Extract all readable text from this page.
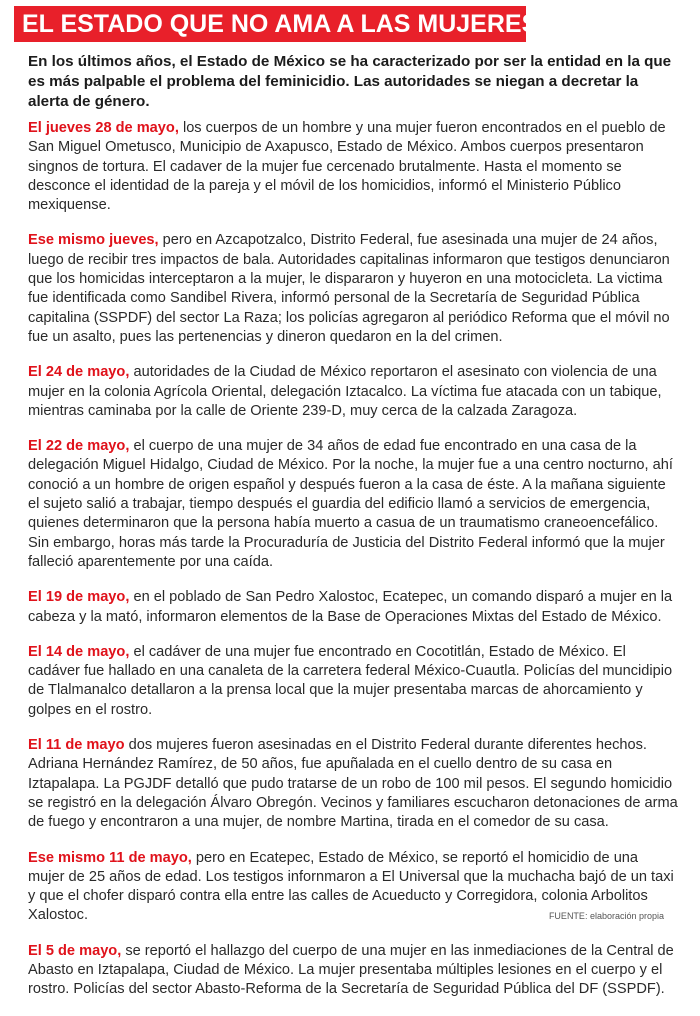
EL ESTADO QUE NO AMA A LAS MUJERES

En los últimos años, el Estado de México se ha caracterizado por ser la entidad en la que es más palpable el problema del feminicidio. Las autoridades se niegan a decretar la alerta de género.

El jueves 28 de mayo, los cuerpos de un hombre y una mujer fueron encontrados en el pueblo de San Miguel Ometusco, Municipio de Axapusco, Estado de México. Ambos cuerpos presentaron singnos de tortura. El cadaver de la mujer fue cercenado brutalmente. Hasta el momento se desconce el identidad de la pareja y el móvil de los homicidios, informó el Ministerio Público mexiquense.

Ese mismo jueves, pero en Azcapotzalco, Distrito Federal, fue asesinada una mujer de 24 años, luego de recibir tres impactos de bala. Autoridades capitalinas informaron que testigos denunciaron que los homicidas interceptaron a la mujer, le dispararon y huyeron en una motocicleta. La victima fue identificada como Sandibel Rivera, informó personal de la Secretaría de Seguridad Pública capitalina (SSPDF) del sector La Raza; los policías agregaron al periódico Reforma que el móvil no fue un asalto, pues las pertenencias y dineron quedaron en la del crimen.

El 24 de mayo, autoridades de la Ciudad de México reportaron el asesinato con violencia de una mujer en la colonia Agrícola Oriental, delegación Iztacalco. La víctima fue atacada con un tabique, mientras caminaba por la calle de Oriente 239-D, muy cerca de la calzada Zaragoza.

El 22 de mayo, el cuerpo de una mujer de 34 años de edad fue encontrado en una casa de la delegación Miguel Hidalgo, Ciudad de México. Por la noche, la mujer fue a una centro nocturno, ahí conoció a un hombre de origen español y después fueron a la casa de éste. A la mañana siguiente el sujeto salió a trabajar, tiempo después el guardia del edificio llamó a servicios de emergencia, quienes determinaron que la persona había muerto a casua de un traumatismo craneoencefálico. Sin embargo, horas más tarde la Procuraduría de Justicia del Distrito Federal informó que la mujer falleció aparentemente por una caída.

El 19 de mayo, en el poblado de San Pedro Xalostoc, Ecatepec, un comando disparó a mujer en la cabeza y la mató, informaron elementos de la Base de Operaciones Mixtas del Estado de México.

El 14 de mayo, el cadáver de una mujer fue encontrado en Cocotitlán, Estado de México. El cadáver fue hallado en una canaleta de la carretera federal México-Cuautla. Policías del muncidipio de Tlalmanalco detallaron a la prensa local que la mujer presentaba marcas de ahorcamiento y golpes en el rostro.

El 11 de mayo dos mujeres fueron asesinadas en el Distrito Federal durante diferentes hechos. Adriana Hernández Ramírez, de 50 años, fue apuñalada en el cuello dentro de su casa en Iztapalapa. La PGJDF detalló que pudo tratarse de un robo de 100 mil pesos. El segundo homicidio se registró en la delegación Álvaro Obregón. Vecinos y familiares escucharon detonaciones de arma de fuego y encontraron a una mujer, de nombre Martina, tirada en el comedor de su casa.

Ese mismo 11 de mayo, pero en Ecatepec, Estado de México, se reportó el homicidio de una mujer de 25 años de edad. Los testigos infornmaron a El Universal que la muchacha bajó de un taxi y que el chofer disparó contra ella entre las calles de Acueducto y Corregidora, colonia Arbolitos Xalostoc.

El 5 de mayo, se reportó el hallazgo del cuerpo de una mujer en las inmediaciones de la Central de Abasto en Iztapalapa, Ciudad de México. La mujer presentaba múltiples lesiones en el cuerpo y el rostro. Policías del sector Abasto-Reforma de la Secretaría de Seguridad Pública del DF (SSPDF).

FUENTE: elaboración propia
